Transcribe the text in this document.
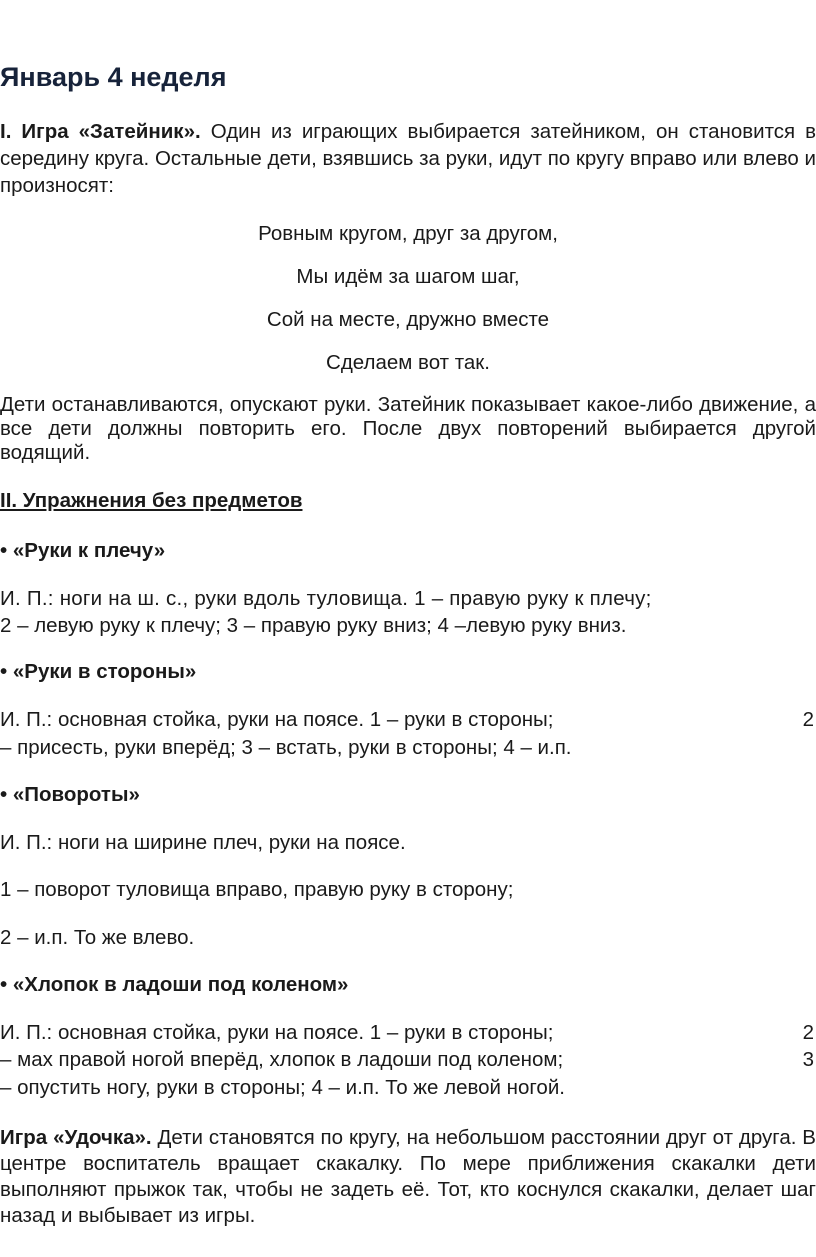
Январь 4 неделя
I. Игра «Затейник». Один из играющих выбирается затейником, он становится в середину круга. Остальные дети, взявшись за руки, идут по кругу вправо или влево и произносят:
Ровным кругом, друг за другом,
Мы идём за шагом шаг,
Сой на месте, дружно вместе
Сделаем вот так.
Дети останавливаются, опускают руки. Затейник показывает какое-либо движение, а все дети должны повторить его. После двух повторений выбирается другой водящий.
II. Упражнения без предметов
• «Руки к плечу»
И. П.: ноги на ш. с., руки вдоль туловища. 1 – правую руку к плечу;
2 – левую руку к плечу; 3 – правую руку вниз; 4 –левую руку вниз.
• «Руки в стороны»
И. П.: основная стойка, руки на поясе. 1 – руки в стороны;	2
– присесть, руки вперёд; 3 – встать, руки в стороны; 4 – и.п.
• «Повороты»
И. П.: ноги на ширине плеч, руки на поясе.
1 – поворот туловища вправо, правую руку в сторону;
2 – и.п. То же влево.
• «Хлопок в ладоши под коленом»
И. П.: основная стойка, руки на поясе. 1 – руки в стороны;	2
– мах правой ногой вперёд, хлопок в ладоши под коленом;	3
– опустить ногу, руки в стороны; 4 – и.п. То же левой ногой.
Игра «Удочка». Дети становятся по кругу, на небольшом расстоянии друг от друга. В центре воспитатель вращает скакалку. По мере приближения скакалки дети выполняют прыжок так, чтобы не задеть её. Тот, кто коснулся скакалки, делает шаг назад и выбывает из игры.
